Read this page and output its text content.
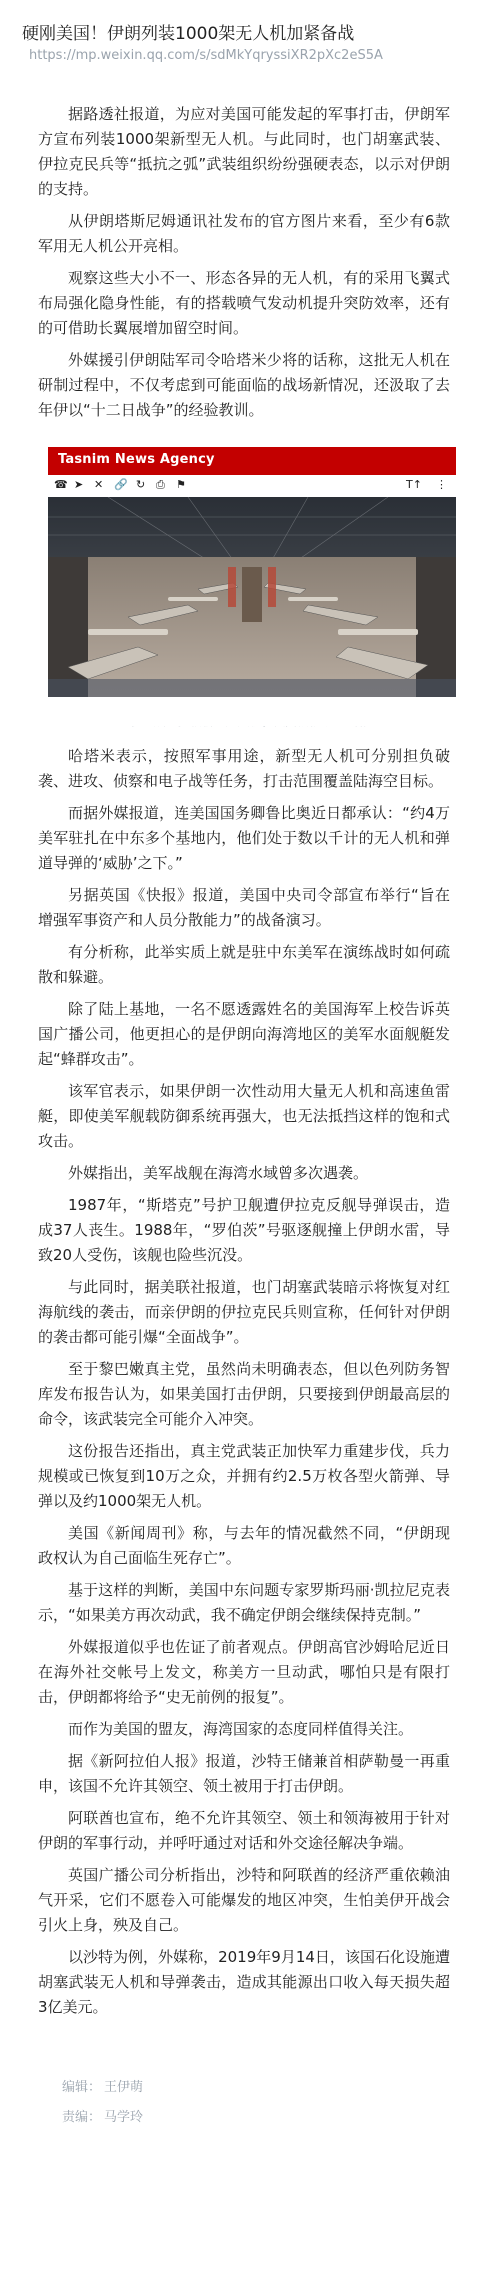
硬刚美国！伊朗列装1000架无人机加紧备战
https://mp.weixin.qq.com/s/sdMkYqryssiXR2pXc2eS5A

据路透社报道，为应对美国可能发起的军事打击，伊朗军方宣布列装1000架新型无人机。与此同时，也门胡塞武装、伊拉克民兵等“抵抗之弧”武装组织纷纷强硬表态，以示对伊朗的支持。

从伊朗塔斯尼姆通讯社发布的官方图片来看，至少有6款军用无人机公开亮相。

观察这些大小不一、形态各异的无人机，有的采用飞翼式布局强化隐身性能，有的搭载喷气发动机提升突防效率，还有的可借助长翼展增加留空时间。

外媒援引伊朗陆军司令哈塔米少将的话称，这批无人机在研制过程中，不仅考虑到可能面临的战场新情况，还汲取了去年伊以“十二日战争”的经验教训。

Tasnim News Agency
☎ ➤ ✕ 🔗 ↻ ⎙ ⚑	T↑ ⋮

哈塔米表示，按照军事用途，新型无人机可分别担负破袭、进攻、侦察和电子战等任务，打击范围覆盖陆海空目标。

而据外媒报道，连美国国务卿鲁比奥近日都承认：“约4万美军驻扎在中东多个基地内，他们处于数以千计的无人机和弹道导弹的‘威胁’之下。”

另据英国《快报》报道，美国中央司令部宣布举行“旨在增强军事资产和人员分散能力”的战备演习。

有分析称，此举实质上就是驻中东美军在演练战时如何疏散和躲避。

除了陆上基地，一名不愿透露姓名的美国海军上校告诉英国广播公司，他更担心的是伊朗向海湾地区的美军水面舰艇发起“蜂群攻击”。

该军官表示，如果伊朗一次性动用大量无人机和高速鱼雷艇，即使美军舰载防御系统再强大，也无法抵挡这样的饱和式攻击。

外媒指出，美军战舰在海湾水域曾多次遇袭。

1987年，“斯塔克”号护卫舰遭伊拉克反舰导弹误击，造成37人丧生。1988年，“罗伯茨”号驱逐舰撞上伊朗水雷，导致20人受伤，该舰也险些沉没。

与此同时，据美联社报道，也门胡塞武装暗示将恢复对红海航线的袭击，而亲伊朗的伊拉克民兵则宣称，任何针对伊朗的袭击都可能引爆“全面战争”。

至于黎巴嫩真主党，虽然尚未明确表态，但以色列防务智库发布报告认为，如果美国打击伊朗，只要接到伊朗最高层的命令，该武装完全可能介入冲突。

这份报告还指出，真主党武装正加快军力重建步伐，兵力规模或已恢复到10万之众，并拥有约2.5万枚各型火箭弹、导弹以及约1000架无人机。

美国《新闻周刊》称，与去年的情况截然不同，“伊朗现政权认为自己面临生死存亡”。

基于这样的判断，美国中东问题专家罗斯玛丽·凯拉尼克表示，“如果美方再次动武，我不确定伊朗会继续保持克制。”

外媒报道似乎也佐证了前者观点。伊朗高官沙姆哈尼近日在海外社交帐号上发文，称美方一旦动武，哪怕只是有限打击，伊朗都将给予“史无前例的报复”。

而作为美国的盟友，海湾国家的态度同样值得关注。

据《新阿拉伯人报》报道，沙特王储兼首相萨勒曼一再重申，该国不允许其领空、领土被用于打击伊朗。

阿联酋也宣布，绝不允许其领空、领土和领海被用于针对伊朗的军事行动，并呼吁通过对话和外交途径解决争端。

英国广播公司分析指出，沙特和阿联酋的经济严重依赖油气开采，它们不愿卷入可能爆发的地区冲突，生怕美伊开战会引火上身，殃及自己。

以沙特为例，外媒称，2019年9月14日，该国石化设施遭胡塞武装无人机和导弹袭击，造成其能源出口收入每天损失超3亿美元。

编辑： 王伊萌
责编： 马学玲
